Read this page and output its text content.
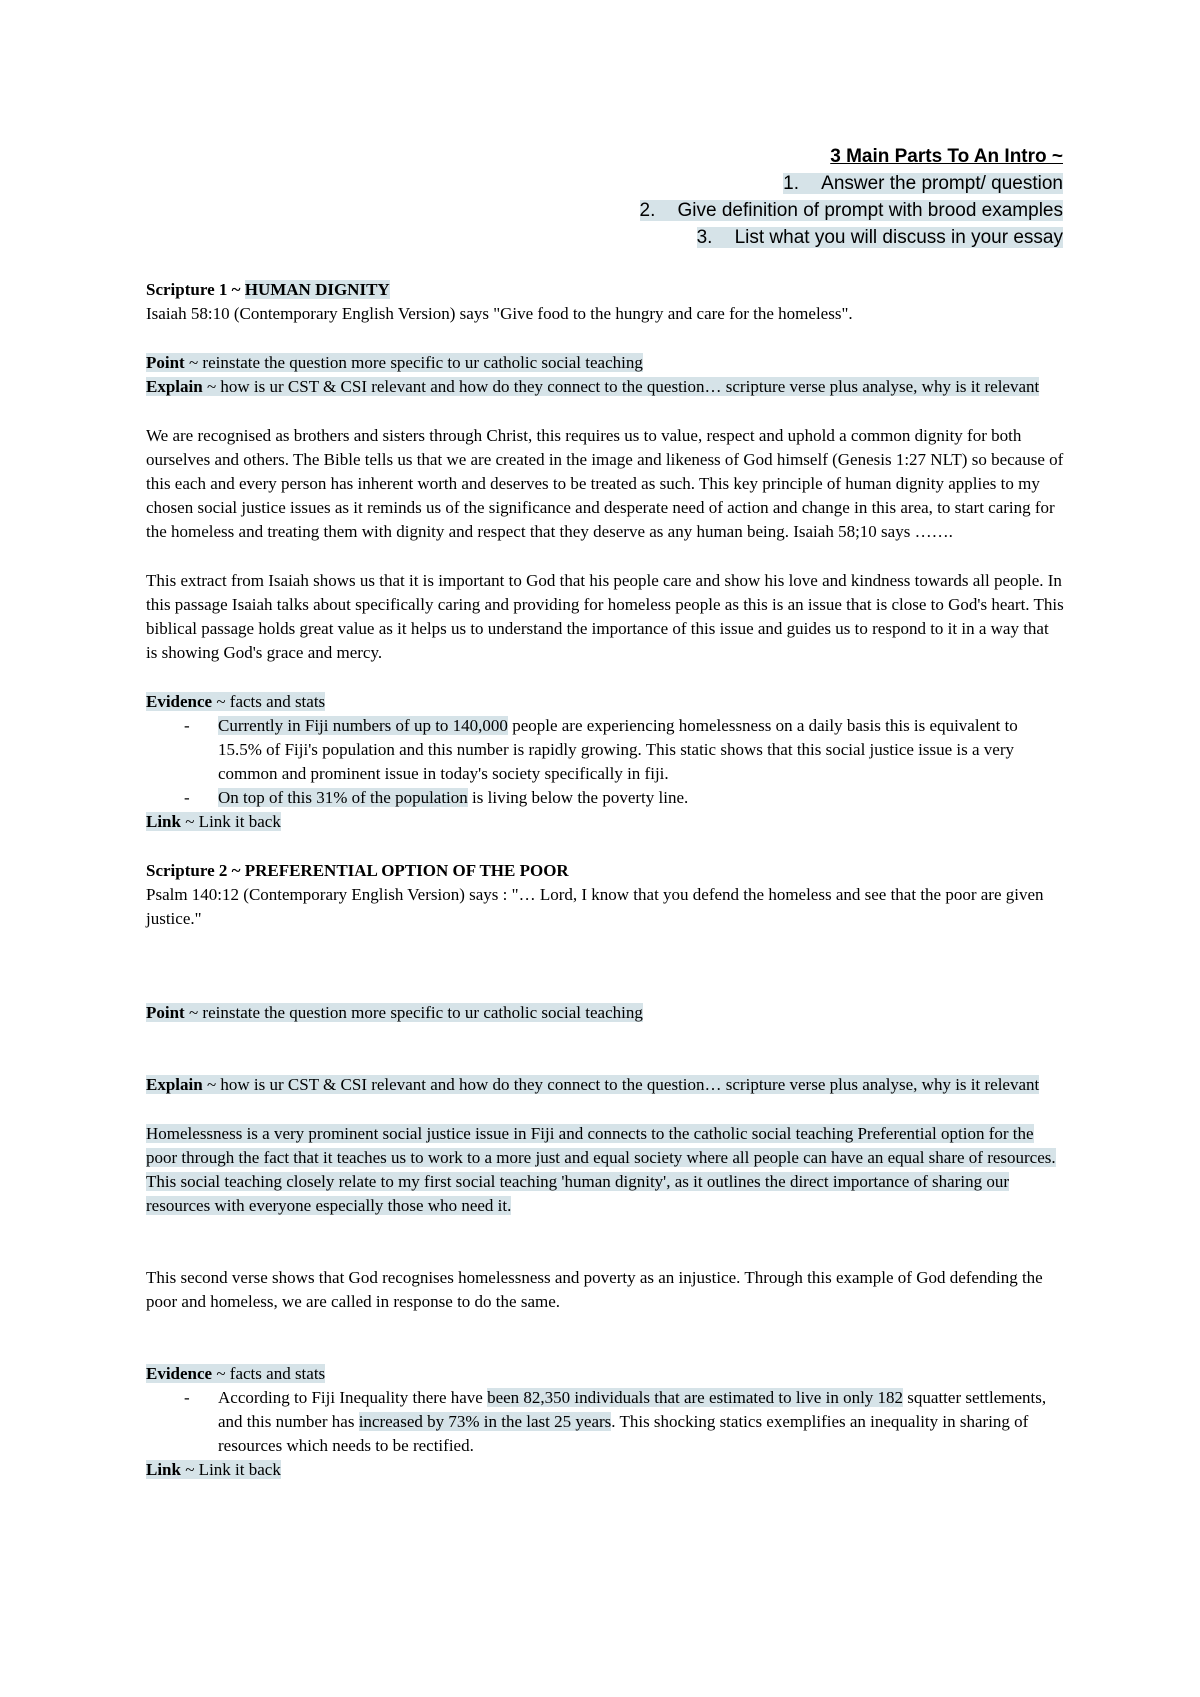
3 Main Parts To An Intro ~
1. Answer the prompt/ question
2. Give definition of prompt with brood examples
3. List what you will discuss in your essay

Scripture 1 ~ HUMAN DIGNITY

Isaiah 58:10 (Contemporary English Version) says "Give food to the hungry and care for the homeless".

Point ~ reinstate the question more specific to ur catholic social teaching

Explain ~ how is ur CST & CSI relevant and how do they connect to the question… scripture verse plus analyse, why is it relevant

We are recognised as brothers and sisters through Christ, this requires us to value, respect and uphold a common dignity for both ourselves and others. The Bible tells us that we are created in the image and likeness of God himself (Genesis 1:27 NLT) so because of this each and every person has inherent worth and deserves to be treated as such. This key principle of human dignity applies to my chosen social justice issues as it reminds us of the significance and desperate need of action and change in this area, to start caring for the homeless and treating them with dignity and respect that they deserve as any human being. Isaiah 58;10 says …….

This extract from Isaiah shows us that it is important to God that his people care and show his love and kindness towards all people. In this passage Isaiah talks about specifically caring and providing for homeless people as this is an issue that is close to God's heart. This biblical passage holds great value as it helps us to understand the importance of this issue and guides us to respond to it in a way that is showing God's grace and mercy.

Evidence ~ facts and stats

-	Currently in Fiji numbers of up to 140,000 people are experiencing homelessness on a daily basis this is equivalent to 15.5% of Fiji's population and this number is rapidly growing. This static shows that this social justice issue is a very common and prominent issue in today's society specifically in fiji.
-	On top of this 31% of the population is living below the poverty line.

Link ~ Link it back

Scripture 2 ~ PREFERENTIAL OPTION OF THE POOR

Psalm 140:12 (Contemporary English Version) says : "… Lord, I know that you defend the homeless and see that the poor are given justice."

Point ~ reinstate the question more specific to ur catholic social teaching

Explain ~ how is ur CST & CSI relevant and how do they connect to the question… scripture verse plus analyse, why is it relevant

Homelessness is a very prominent social justice issue in Fiji and connects to the catholic social teaching Preferential option for the poor through the fact that it teaches us to work to a more just and equal society where all people can have an equal share of resources. This social teaching closely relate to my first social teaching 'human dignity', as it outlines the direct importance of sharing our resources with everyone especially those who need it.

This second verse shows that God recognises homelessness and poverty as an injustice. Through this example of God defending the poor and homeless, we are called in response to do the same.

Evidence ~ facts and stats

-	According to Fiji Inequality there have been 82,350 individuals that are estimated to live in only 182 squatter settlements, and this number has increased by 73% in the last 25 years. This shocking statics exemplifies an inequality in sharing of resources which needs to be rectified.

Link ~ Link it back
